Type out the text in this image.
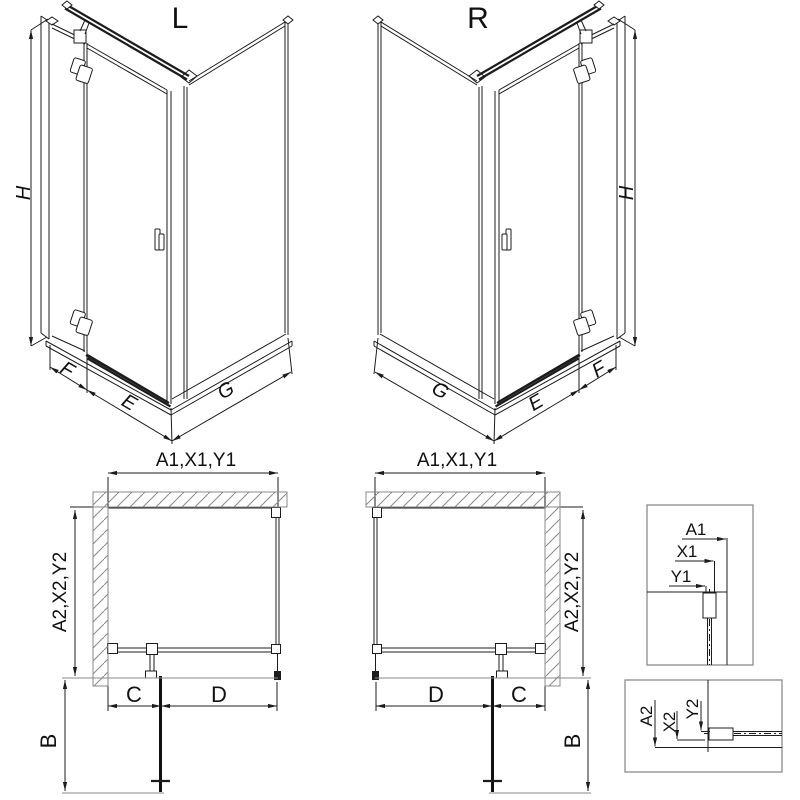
L	R
H
F
E	G
H
F
E
G
A1,X1,Y1
A2,X2,Y2
C	D
B
A1,X1,Y1
A2,X2,Y2
D	C
B
A1
X1
Y1
A2 X2
Y2
